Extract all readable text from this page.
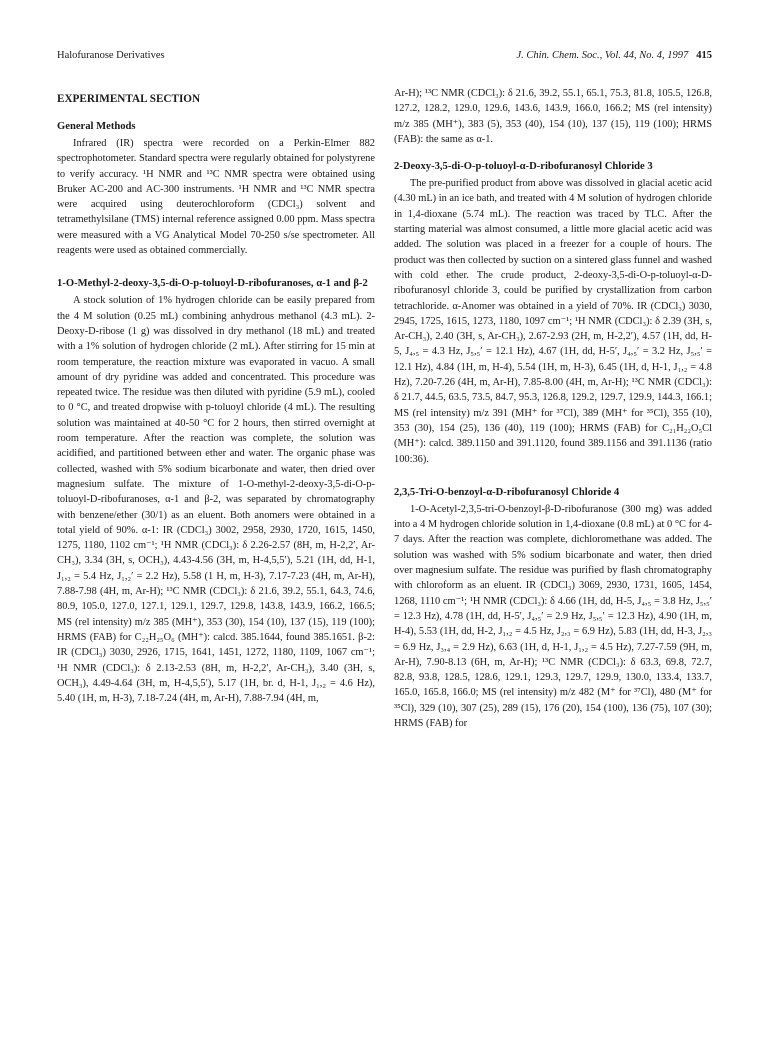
Halofuranose Derivatives	J. Chin. Chem. Soc., Vol. 44, No. 4, 1997 415
EXPERIMENTAL SECTION
General Methods

Infrared (IR) spectra were recorded on a Perkin-Elmer 882 spectrophotometer. Standard spectra were regularly obtained for polystyrene to verify accuracy. ¹H NMR and ¹³C NMR spectra were obtained using Bruker AC-200 and AC-300 instruments. ¹H NMR and ¹³C NMR spectra were acquired using deuterochloroform (CDCl₃) solvent and tetramethylsilane (TMS) internal reference assigned 0.00 ppm. Mass spectra were measured with a VG Analytical Model 70-250 s/se spectrometer. All reagents were used as obtained commercially.

1-O-Methyl-2-deoxy-3,5-di-O-p-toluoyl-D-ribofuranoses, α-1 and β-2

A stock solution of 1% hydrogen chloride can be easily prepared from the 4 M solution (0.25 mL) combining anhydrous methanol (4.3 mL). 2-Deoxy-D-ribose (1 g) was dissolved in dry methanol (18 mL) and treated with a 1% solution of hydrogen chloride (2 mL). After stirring for 15 min at room temperature, the reaction mixture was evaporated in vacuo. A small amount of dry pyridine was added and concentrated. This procedure was repeated twice. The residue was then diluted with pyridine (5.9 mL), cooled to 0 °C, and treated dropwise with p-toluoyl chloride (4 mL). The resulting solution was maintained at 40-50 °C for 2 hours, then stirred overnight at room temperature. After the reaction was complete, the solution was acidified, and partitioned between ether and water. The organic phase was collected, washed with 5% sodium bicarbonate and water, then dried over magnesium sulfate. The mixture of 1-O-methyl-2-deoxy-3,5-di-O-p-toluoyl-D-ribofuranoses, α-1 and β-2, was separated by chromatography with benzene/ether (30/1) as an eluent. Both anomers were obtained in a total yield of 90%. α-1: IR (CDCl₃) 3002, 2958, 2930, 1720, 1615, 1450, 1275, 1180, 1102 cm⁻¹; ¹H NMR (CDCl₃): δ 2.26-2.57 (8H, m, H-2,2′, Ar-CH₃), 3.34 (3H, s, OCH₃), 4.43-4.56 (3H, m, H-4,5,5′), 5.21 (1H, dd, H-1, J₁,₂ = 5.4 Hz, J₁,₂′ = 2.2 Hz), 5.58 (1 H, m, H-3), 7.17-7.23 (4H, m, Ar-H), 7.88-7.98 (4H, m, Ar-H); ¹³C NMR (CDCl₃): δ 21.6, 39.2, 55.1, 64.3, 74.6, 80.9, 105.0, 127.0, 127.1, 129.1, 129.7, 129.8, 143.8, 143.9, 166.2, 166.5; MS (rel intensity) m/z 385 (MH⁺), 353 (30), 154 (10), 137 (15), 119 (100); HRMS (FAB) for C₂₂H₂₅O₆ (MH⁺): calcd. 385.1644, found 385.1651. β-2: IR (CDCl₃) 3030, 2926, 1715, 1641, 1451, 1272, 1180, 1109, 1067 cm⁻¹; ¹H NMR (CDCl₃): δ 2.13-2.53 (8H, m, H-2,2′, Ar-CH₃), 3.40 (3H, s, OCH₃), 4.49-4.64 (3H, m, H-4,5,5′), 5.17 (1H, br. d, H-1, J₁,₂ = 4.6 Hz), 5.40 (1H, m, H-3), 7.18-7.24 (4H, m, Ar-H), 7.88-7.94 (4H, m,

Ar-H); ¹³C NMR (CDCl₃): δ 21.6, 39.2, 55.1, 65.1, 75.3, 81.8, 105.5, 126.8, 127.2, 128.2, 129.0, 129.6, 143.6, 143.9, 166.0, 166.2; MS (rel intensity) m/z 385 (MH⁺), 383 (5), 353 (40), 154 (10), 137 (15), 119 (100); HRMS (FAB): the same as α-1.

2-Deoxy-3,5-di-O-p-toluoyl-α-D-ribofuranosyl Chloride 3

The pre-purified product from above was dissolved in glacial acetic acid (4.30 mL) in an ice bath, and treated with 4 M solution of hydrogen chloride in 1,4-dioxane (5.74 mL). The reaction was traced by TLC. After the starting material was almost consumed, a little more glacial acetic acid was added. The solution was placed in a freezer for a couple of hours. The product was then collected by suction on a sintered glass funnel and washed with cold ether. The crude product, 2-deoxy-3,5-di-O-p-toluoyl-α-D-ribofuranosyl chloride 3, could be purified by crystallization from carbon tetrachloride. α-Anomer was obtained in a yield of 70%. IR (CDCl₃) 3030, 2945, 1725, 1615, 1273, 1180, 1097 cm⁻¹; ¹H NMR (CDCl₃): δ 2.39 (3H, s, Ar-CH₃), 2.40 (3H, s, Ar-CH₃), 2.67-2.93 (2H, m, H-2,2′), 4.57 (1H, dd, H-5, J₄,₅ = 4.3 Hz, J₅,₅′ = 12.1 Hz), 4.67 (1H, dd, H-5′, J₄,₅′ = 3.2 Hz, J₅,₅′ = 12.1 Hz), 4.84 (1H, m, H-4), 5.54 (1H, m, H-3), 6.45 (1H, d, H-1, J₁,₂ = 4.8 Hz), 7.20-7.26 (4H, m, Ar-H), 7.85-8.00 (4H, m, Ar-H); ¹³C NMR (CDCl₃): δ 21.7, 44.5, 63.5, 73.5, 84.7, 95.3, 126.8, 129.2, 129.7, 129.9, 144.3, 166.1; MS (rel intensity) m/z 391 (MH⁺ for ³⁷Cl), 389 (MH⁺ for ³⁵Cl), 355 (10), 353 (30), 154 (25), 136 (40), 119 (100); HRMS (FAB) for C₂₁H₂₂O₅Cl (MH⁺): calcd. 389.1150 and 391.1120, found 389.1156 and 391.1136 (ratio 100:36).

2,3,5-Tri-O-benzoyl-α-D-ribofuranosyl Chloride 4

1-O-Acetyl-2,3,5-tri-O-benzoyl-β-D-ribofuranose (300 mg) was added into a 4 M hydrogen chloride solution in 1,4-dioxane (0.8 mL) at 0 °C for 4-7 days. After the reaction was complete, dichloromethane was added. The solution was washed with 5% sodium bicarbonate and water, then dried over magnesium sulfate. The residue was purified by flash chromatography with chloroform as an eluent. IR (CDCl₃) 3069, 2930, 1731, 1605, 1454, 1268, 1110 cm⁻¹; ¹H NMR (CDCl₃): δ 4.66 (1H, dd, H-5, J₄,₅ = 3.8 Hz, J₅,₅′ = 12.3 Hz), 4.78 (1H, dd, H-5′, J₄,₅′ = 2.9 Hz, J₅,₅′ = 12.3 Hz), 4.90 (1H, m, H-4), 5.53 (1H, dd, H-2, J₁,₂ = 4.5 Hz, J₂,₃ = 6.9 Hz), 5.83 (1H, dd, H-3, J₂,₃ = 6.9 Hz, J₃,₄ = 2.9 Hz), 6.63 (1H, d, H-1, J₁,₂ = 4.5 Hz), 7.27-7.59 (9H, m, Ar-H), 7.90-8.13 (6H, m, Ar-H); ¹³C NMR (CDCl₃): δ 63.3, 69.8, 72.7, 82.8, 93.8, 128.5, 128.6, 129.1, 129.3, 129.7, 129.9, 130.0, 133.4, 133.7, 165.0, 165.8, 166.0; MS (rel intensity) m/z 482 (M⁺ for ³⁷Cl), 480 (M⁺ for ³⁵Cl), 329 (10), 307 (25), 289 (15), 176 (20), 154 (100), 136 (75), 107 (30); HRMS (FAB) for
